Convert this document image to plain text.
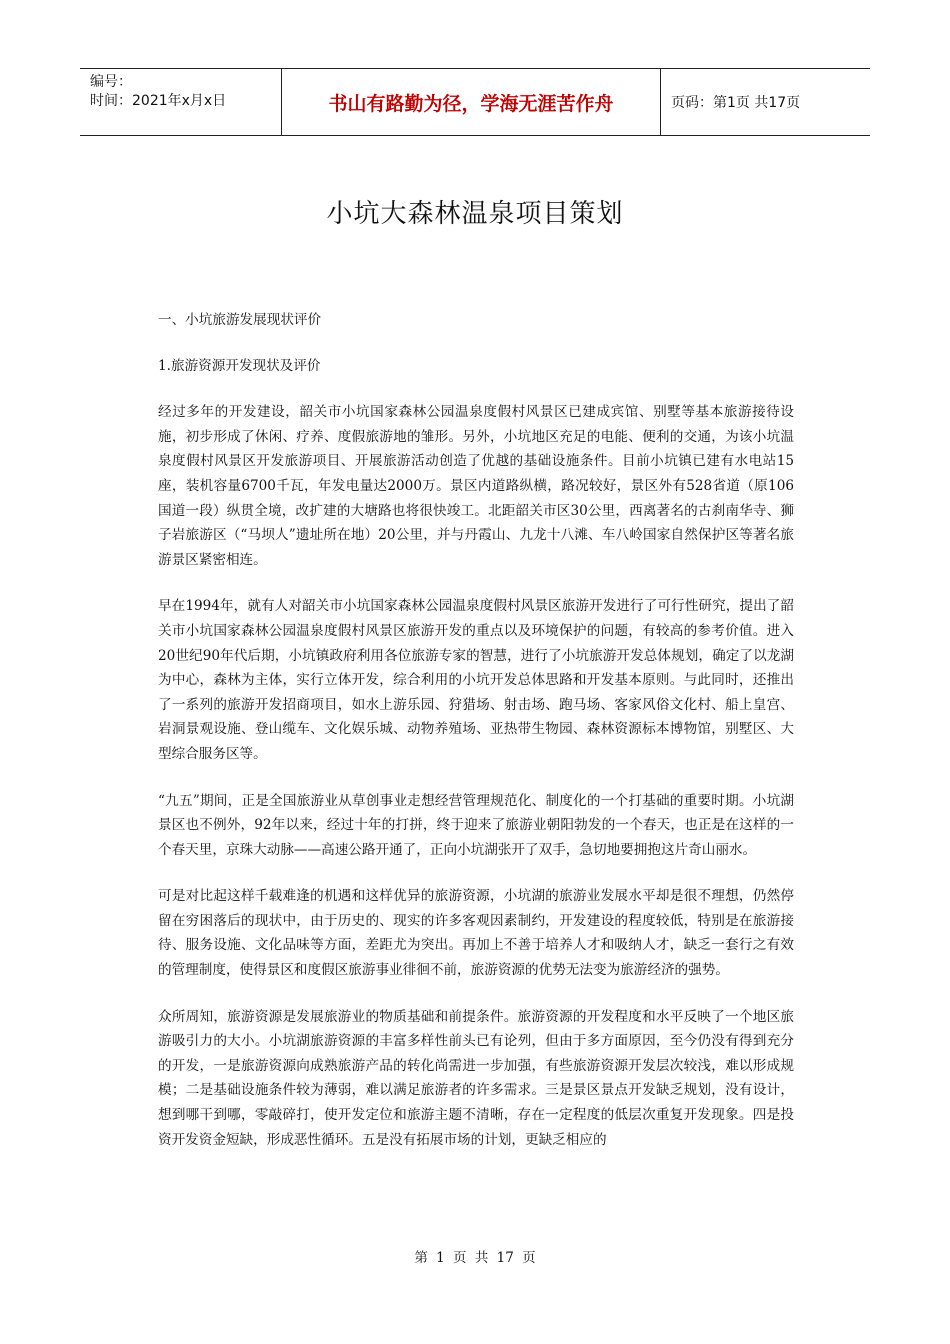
编号：
时间：2021年x月x日	书山有路勤为径，学海无涯苦作舟	页码：第1页 共17页
小坑大森林温泉项目策划

一、小坑旅游发展现状评价

1.旅游资源开发现状及评价

经过多年的开发建设，韶关市小坑国家森林公园温泉度假村风景区已建成宾馆、别墅等基本旅游接待设施，初步形成了休闲、疗养、度假旅游地的雏形。另外，小坑地区充足的电能、便利的交通，为该小坑温泉度假村风景区开发旅游项目、开展旅游活动创造了优越的基础设施条件。目前小坑镇已建有水电站15座，装机容量6700千瓦，年发电量达2000万。景区内道路纵横，路况较好，景区外有528省道（原106国道一段）纵贯全境，改扩建的大塘路也将很快竣工。北距韶关市区30公里，西离著名的古刹南华寺、狮子岩旅游区（“马坝人”遗址所在地）20公里，并与丹霞山、九龙十八滩、车八岭国家自然保护区等著名旅游景区紧密相连。

早在1994年，就有人对韶关市小坑国家森林公园温泉度假村风景区旅游开发进行了可行性研究，提出了韶关市小坑国家森林公园温泉度假村风景区旅游开发的重点以及环境保护的问题，有较高的参考价值。进入20世纪90年代后期，小坑镇政府利用各位旅游专家的智慧，进行了小坑旅游开发总体规划，确定了以龙湖为中心，森林为主体，实行立体开发，综合利用的小坑开发总体思路和开发基本原则。与此同时，还推出了一系列的旅游开发招商项目，如水上游乐园、狩猎场、射击场、跑马场、客家风俗文化村、船上皇宫、岩洞景观设施、登山缆车、文化娱乐城、动物养殖场、亚热带生物园、森林资源标本博物馆，别墅区、大型综合服务区等。

“九五”期间，正是全国旅游业从草创事业走想经营管理规范化、制度化的一个打基础的重要时期。小坑湖景区也不例外，92年以来，经过十年的打拼，终于迎来了旅游业朝阳勃发的一个春天，也正是在这样的一个春天里，京珠大动脉——高速公路开通了，正向小坑湖张开了双手，急切地要拥抱这片奇山丽水。

可是对比起这样千载难逢的机遇和这样优异的旅游资源，小坑湖的旅游业发展水平却是很不理想，仍然停留在穷困落后的现状中，由于历史的、现实的许多客观因素制约，开发建设的程度较低，特别是在旅游接待、服务设施、文化品味等方面，差距尤为突出。再加上不善于培养人才和吸纳人才，缺乏一套行之有效的管理制度，使得景区和度假区旅游事业徘徊不前，旅游资源的优势无法变为旅游经济的强势。

众所周知，旅游资源是发展旅游业的物质基础和前提条件。旅游资源的开发程度和水平反映了一个地区旅游吸引力的大小。小坑湖旅游资源的丰富多样性前头已有论列，但由于多方面原因，至今仍没有得到充分的开发，一是旅游资源向成熟旅游产品的转化尚需进一步加强，有些旅游资源开发层次较浅，难以形成规模；二是基础设施条件较为薄弱，难以满足旅游者的许多需求。三是景区景点开发缺乏规划，没有设计，想到哪干到哪，零敲碎打，使开发定位和旅游主题不清晰，存在一定程度的低层次重复开发现象。四是投资开发资金短缺，形成恶性循环。五是没有拓展市场的计划，更缺乏相应的

第 1 页 共 17 页
